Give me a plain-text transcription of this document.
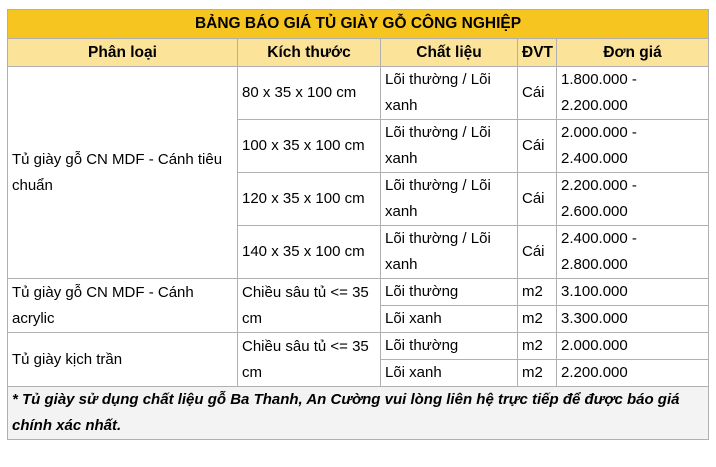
BẢNG BÁO GIÁ TỦ GIÀY GỖ CÔNG NGHIỆP				
Phân loại	Kích thước	Chất liệu	ĐVT	Đơn giá
Tủ giày gỗ CN MDF - Cánh tiêu chuẩn	80 x 35 x 100 cm	Lõi thường / Lõi xanh	Cái	1.800.000 - 2.200.000
	100 x 35 x 100 cm	Lõi thường / Lõi xanh	Cái	2.000.000 - 2.400.000
	120 x 35 x 100 cm	Lõi thường / Lõi xanh	Cái	2.200.000 - 2.600.000
	140 x 35 x 100 cm	Lõi thường / Lõi xanh	Cái	2.400.000 - 2.800.000
Tủ giày gỗ CN MDF - Cánh acrylic	Chiều sâu tủ <= 35 cm	Lõi thường	m2	3.100.000
		Lõi xanh	m2	3.300.000
Tủ giày kịch trần	Chiều sâu tủ <= 35 cm	Lõi thường	m2	2.000.000
		Lõi xanh	m2	2.200.000
* Tủ giày sử dụng chất liệu gỗ Ba Thanh, An Cường vui lòng liên hệ trực tiếp để được báo giá chính xác nhất.				
